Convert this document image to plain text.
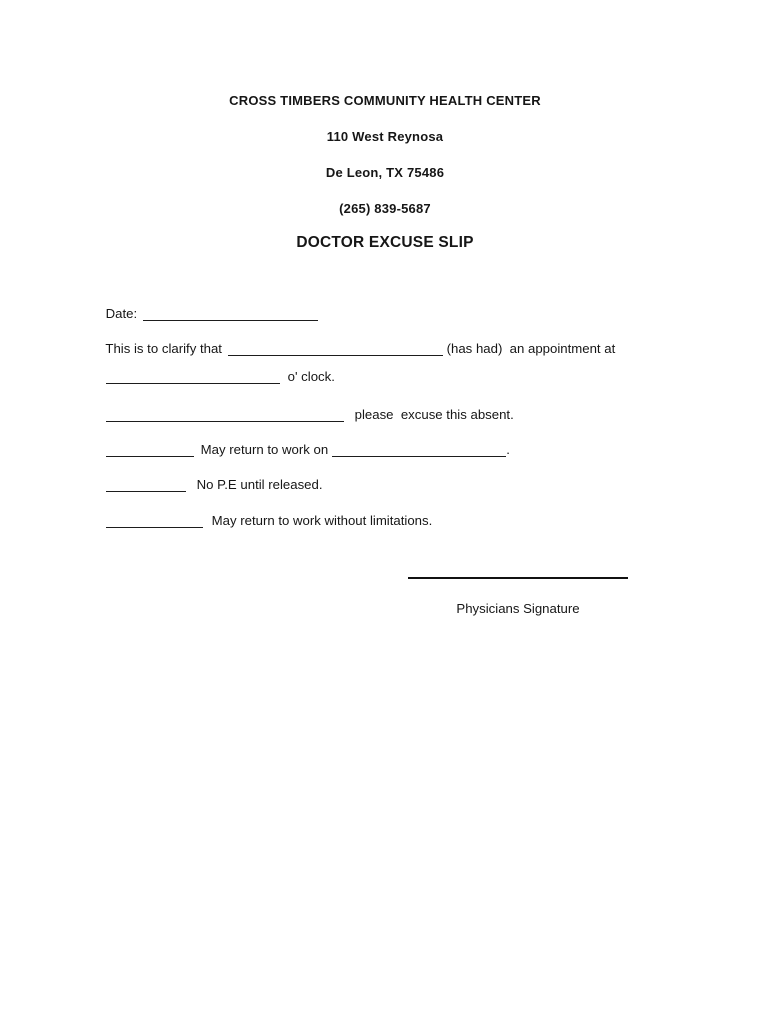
CROSS TIMBERS COMMUNITY HEALTH CENTER
110 West Reynosa
De Leon, TX 75486
(265) 839-5687
DOCTOR EXCUSE SLIP

Date:

This is to clarify that	(has had)  an appointment at

o' clock.

please  excuse this absent.

May return to work on	.

No P.E until released.

May return to work without limitations.

Physicians Signature
